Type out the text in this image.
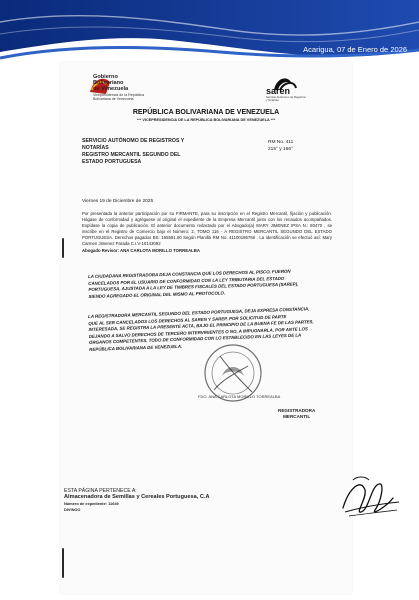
Acarigua, 07 de Enero de 2026
Gobierno
Bolivariano
de Venezuela
Viceprecidencia de la República
Bolivariana de Venezuela
saren
Servicio Autónomo de Registros y Notarías
REPÚBLICA BOLIVARIANA DE VENEZUELA
*** VICEPRESIDENCIA DE LA REPÚBLICA BOLIVARIANA DE VENEZUELA ***
SERVICIO AUTÓNOMO DE REGISTROS Y
NOTARÍAS
REGISTRO MERCANTIL SEGUNDO DEL
ESTADO PORTUGUESA
RM No. 411
215° y 166°
Viernes 19 de Diciembre de 2025
Por presentada la anterior participación por su FIRMANTE, para su inscripción en el Registro Mercantil, fijación y publicación. Hágase de conformidad y agréguese al original el expediente de la Empresa Mercantil junto con los recaudos acompañados. Expídase la copia de publicación. El anterior documento redactado por el Abogado(a) MARY JIMENEZ IPSA N.: 80470 , se inscribe en el Registro de Comercio bajo el Número: 2, TOMO 116 - A REGISTRO MERCANTIL SEGUNDO DEL ESTADO PORTUGUESA. Derechos pagados BS: 165591.00 Según Planilla RM No. 41100186768 . La identificación se efectuó así: Mary Carmen Jimenez Parada C.I.V-10143092
Abogado Revisor: ANA CARLOTA MORILLO TORREALBA
LA CIUDADANA REGISTRADORA DEJA CONSTANCIA QUE LOS DERECHOS AL PISCO, FUERON CANCELADOS POR EL USUARIO DE CONFORMIDAD CON LA LEY TRIBUTARIA DEL ESTADO PORTUGUESA, AJUSTADA A LA LEY DE TIMBRES FISCALES DEL ESTADO PORTUGUESA (SAREP), SIENDO AGREGADO EL ORIGINAL DEL MISMO AL PROTOCOLO.
LA REGISTRADORA MERCANTIL SEGUNDO DEL ESTADO PORTUGUESA, DEJA EXPRESA CONSTANCIA, QUE AL SER CANCELADOS LOS DERECHOS AL SAREN Y SAREP, POR SOLICITUD DE PARTE INTERESADA, SE REGISTRA LA PRESENTE ACTA, BAJO EL PRINCIPIO DE LA BUENA FE DE LAS PARTES, DEJANDO A SALVO DERECHOS DE TERCERO INTERVINIENTES O NO, A IMPUGNARLA, POR ANTE LOS ÓRGANOS COMPETENTES, TODO DE CONFORMIDAD CON LO ESTABLECIDO EN LAS LEYES DE LA REPÚBLICA BOLIVARIANA DE VENEZUELA.
FDO. ANA CARLOTA MORILLO TORREALBA
REGISTRADORA
MERCANTIL
ESTA PÁGINA PERTENECE A:
Almacenadora de Semillas y Cereales Portuguesa, C.A
Número de expediente: 11649
DIVINOO
